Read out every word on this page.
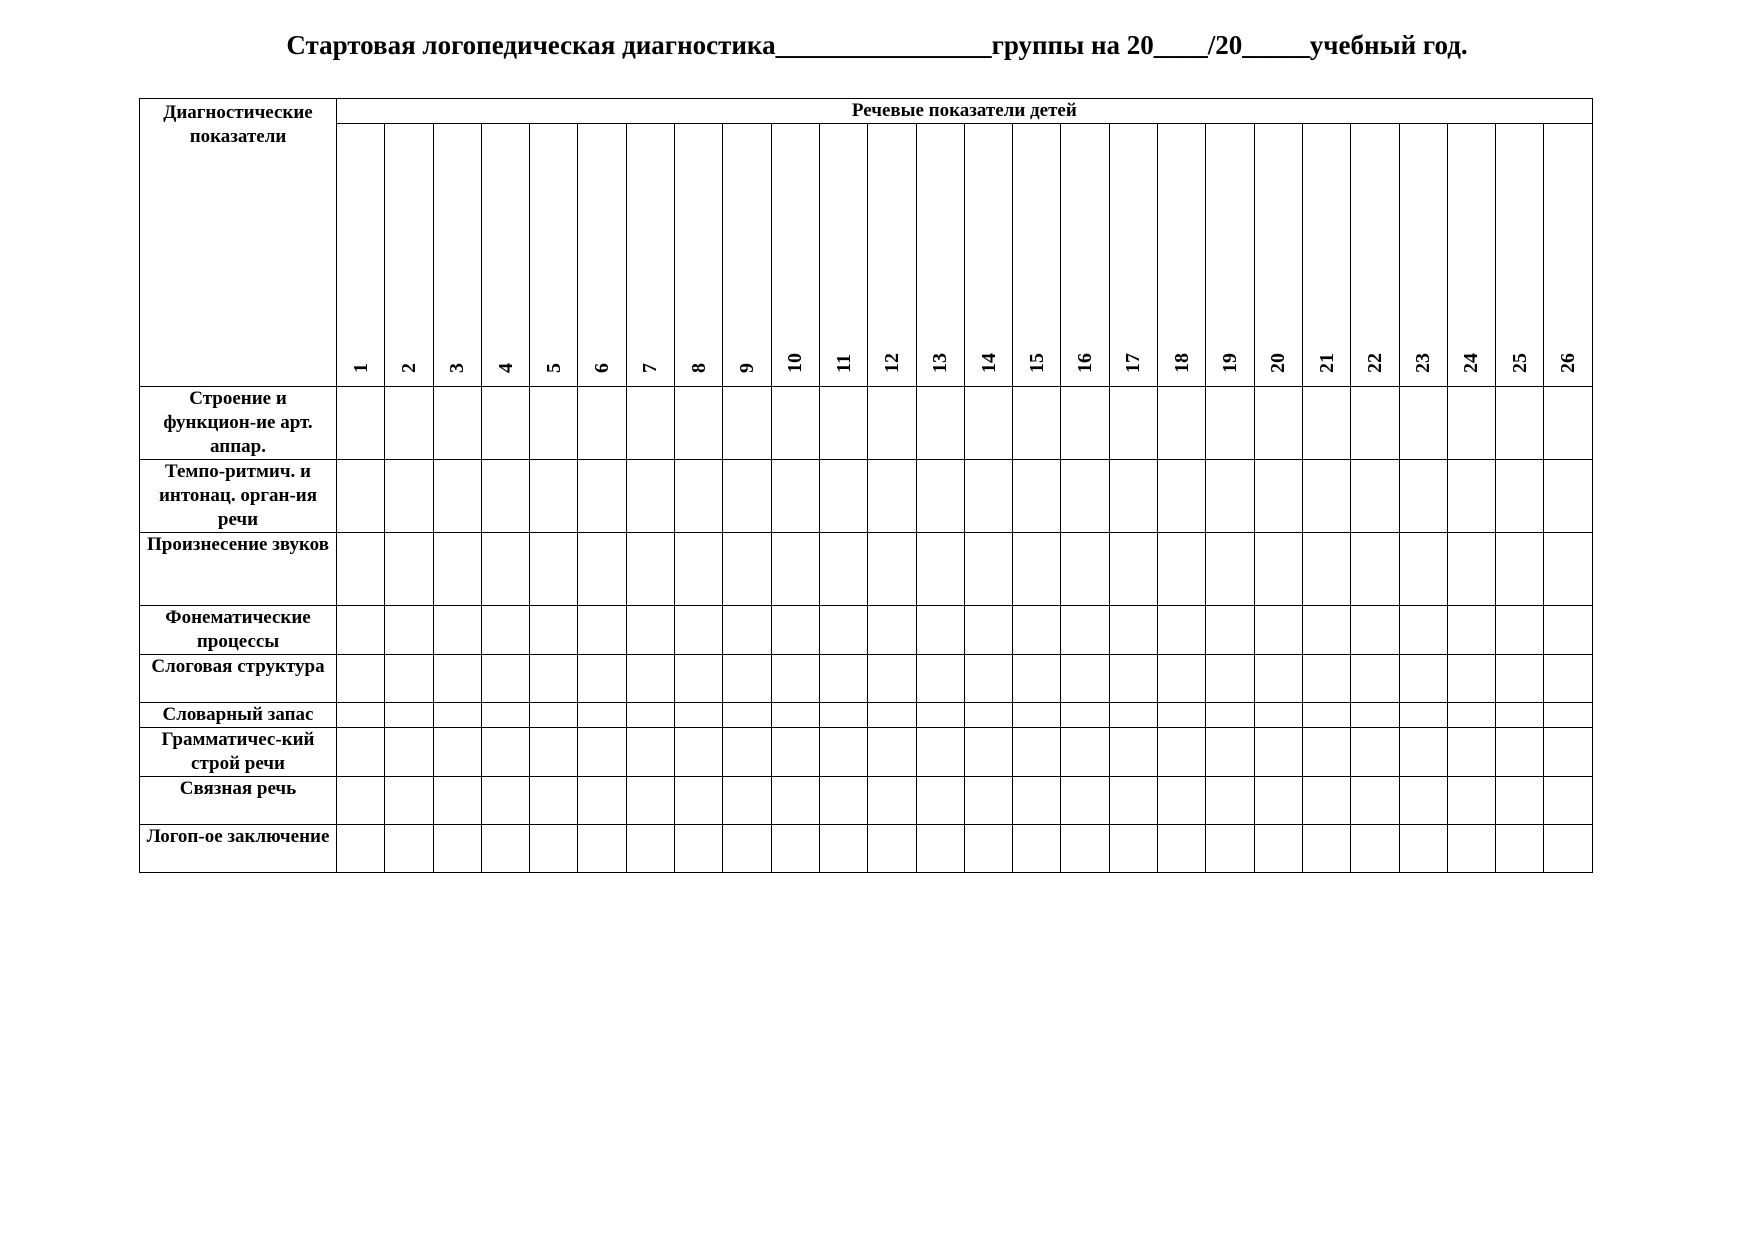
Стартовая логопедическая диагностика________________группы на 20____/20_____учебный год.
Диагностические показатели	Речевые показатели детей																									
	1	2	3	4	5	6	7	8	9	10	11	12	13	14	15	16	17	18	19	20	21	22	23	24	25	26
Строение и функцион-ие арт. аппар.																										
Темпо-ритмич. и интонац. орган-ия речи																										
Произнесение звуков																										
Фонематические процессы																										
Слоговая структура																										
Словарный запас																										
Грамматичес-кий строй речи																										
Связная речь																										
Логоп-ое заключение																										
